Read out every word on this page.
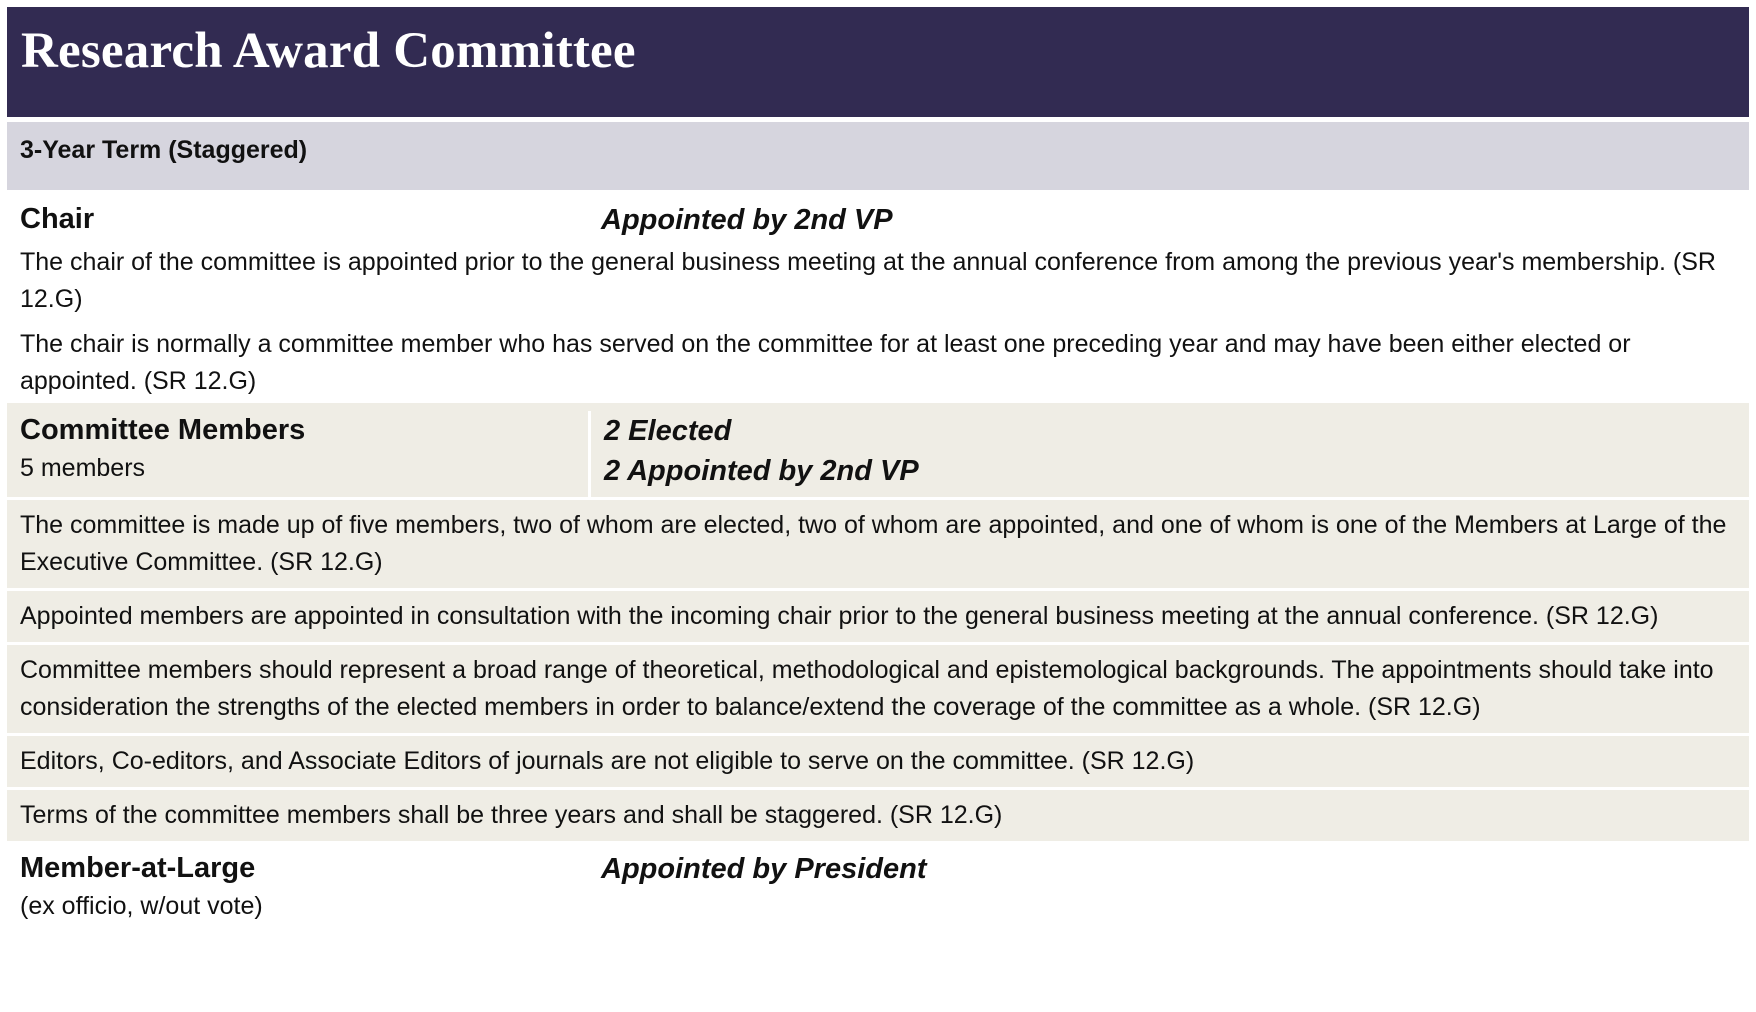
Research Award Committee
3-Year Term (Staggered)
Chair	Appointed by 2nd VP
The chair of the committee is appointed prior to the general business meeting at the annual conference from among the previous year's membership. (SR 12.G)
The chair is normally a committee member who has served on the committee for at least one preceding year and may have been either elected or appointed. (SR 12.G)
Committee Members
5 members
2 Elected
2 Appointed by 2nd VP
The committee is made up of five members, two of whom are elected, two of whom are appointed, and one of whom is one of the Members at Large of the Executive Committee. (SR 12.G)
Appointed members are appointed in consultation with the incoming chair prior to the general business meeting at the annual conference. (SR 12.G)
Committee members should represent a broad range of theoretical, methodological and epistemological backgrounds. The appointments should take into consideration the strengths of the elected members in order to balance/extend the coverage of the committee as a whole. (SR 12.G)
Editors, Co-editors, and Associate Editors of journals are not eligible to serve on the committee. (SR 12.G)
Terms of the committee members shall be three years and shall be staggered. (SR 12.G)
Member-at-Large
(ex officio, w/out vote)
Appointed by President
